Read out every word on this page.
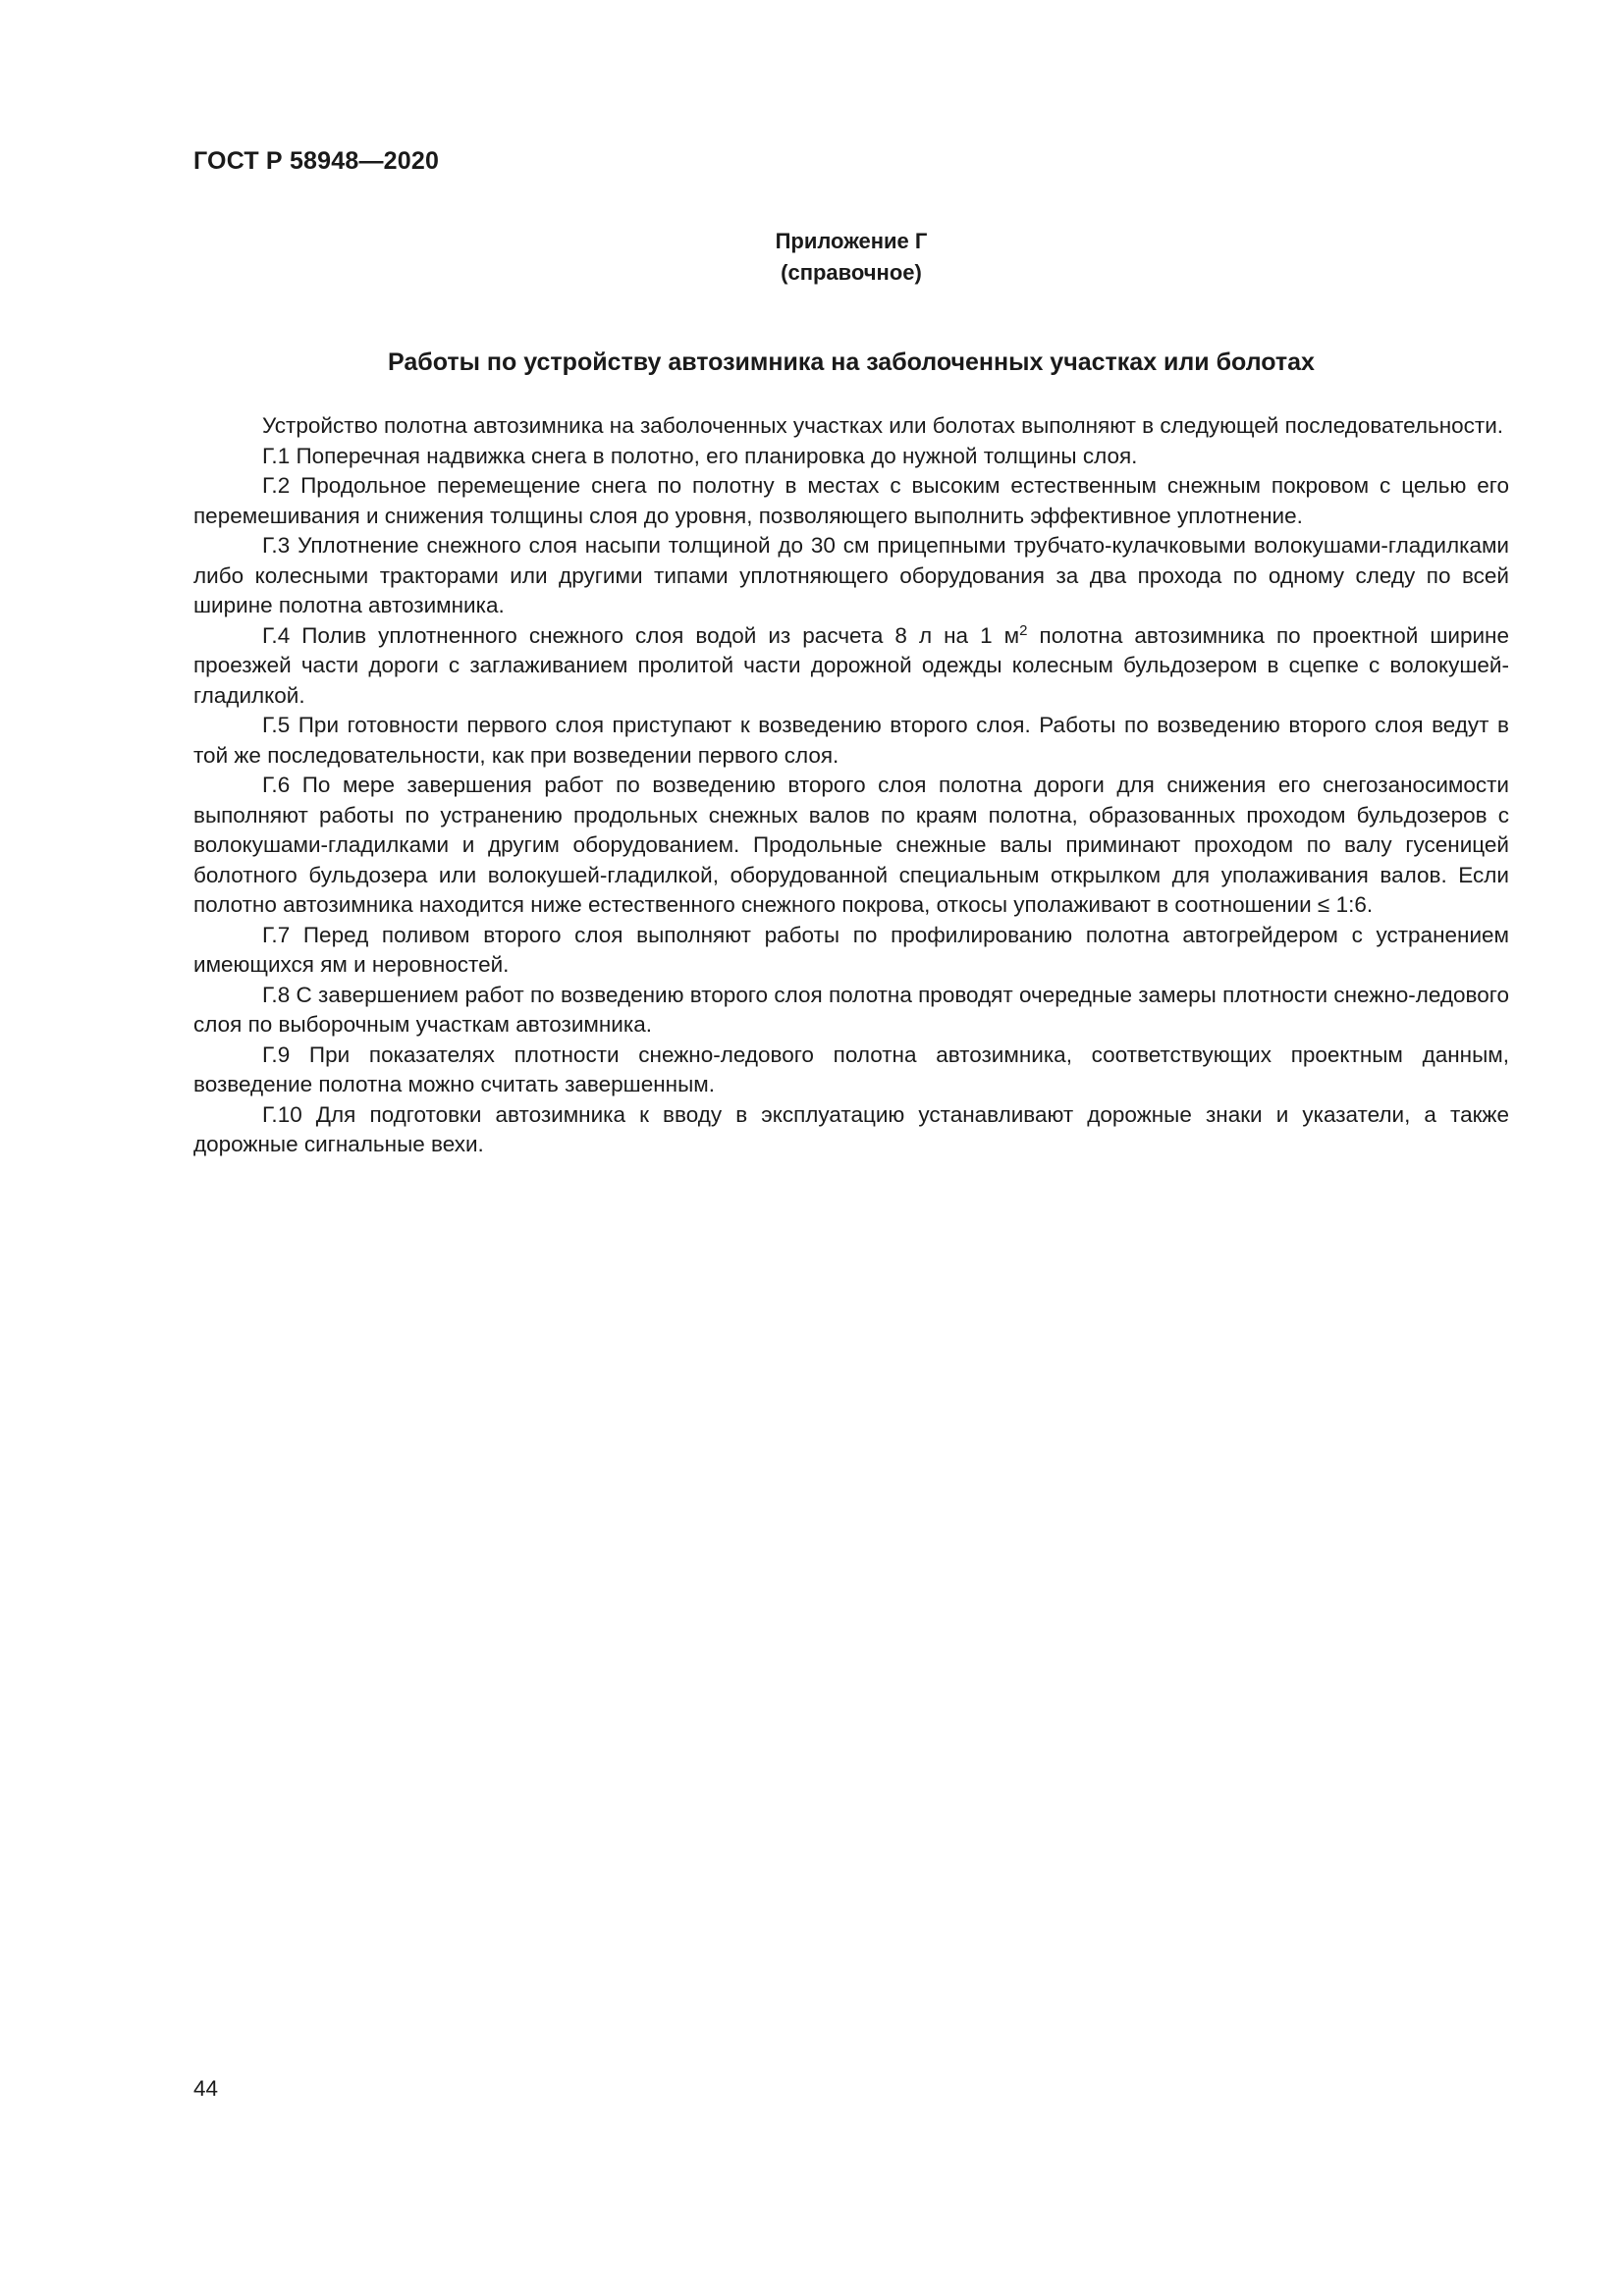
ГОСТ Р 58948—2020
Приложение Г
(справочное)
Работы по устройству автозимника на заболоченных участках или болотах

Устройство полотна автозимника на заболоченных участках или болотах выполняют в следующей последовательности.

Г.1 Поперечная надвижка снега в полотно, его планировка до нужной толщины слоя.

Г.2 Продольное перемещение снега по полотну в местах с высоким естественным снежным покровом с целью его перемешивания и снижения толщины слоя до уровня, позволяющего выполнить эффективное уплотнение.

Г.3 Уплотнение снежного слоя насыпи толщиной до 30 см прицепными трубчато-кулачковыми волокушами-гладилками либо колесными тракторами или другими типами уплотняющего оборудования за два прохода по одному следу по всей ширине полотна автозимника.

Г.4 Полив уплотненного снежного слоя водой из расчета 8 л на 1 $м^2$ полотна автозимника по проектной ширине проезжей части дороги с заглаживанием пролитой части дорожной одежды колесным бульдозером в сцепке с волокушей-гладилкой.

Г.5 При готовности первого слоя приступают к возведению второго слоя. Работы по возведению второго слоя ведут в той же последовательности, как при возведении первого слоя.

Г.6 По мере завершения работ по возведению второго слоя полотна дороги для снижения его снегозаносимости выполняют работы по устранению продольных снежных валов по краям полотна, образованных проходом бульдозеров с волокушами-гладилками и другим оборудованием. Продольные снежные валы приминают проходом по валу гусеницей болотного бульдозера или волокушей-гладилкой, оборудованной специальным открылком для уполаживания валов. Если полотно автозимника находится ниже естественного снежного покрова, откосы уполаживают в соотношении ≤ 1:6.

Г.7 Перед поливом второго слоя выполняют работы по профилированию полотна автогрейдером с устранением имеющихся ям и неровностей.

Г.8 С завершением работ по возведению второго слоя полотна проводят очередные замеры плотности снежно-ледового слоя по выборочным участкам автозимника.

Г.9 При показателях плотности снежно-ледового полотна автозимника, соответствующих проектным данным, возведение полотна можно считать завершенным.

Г.10 Для подготовки автозимника к вводу в эксплуатацию устанавливают дорожные знаки и указатели, а также дорожные сигнальные вехи.

44
